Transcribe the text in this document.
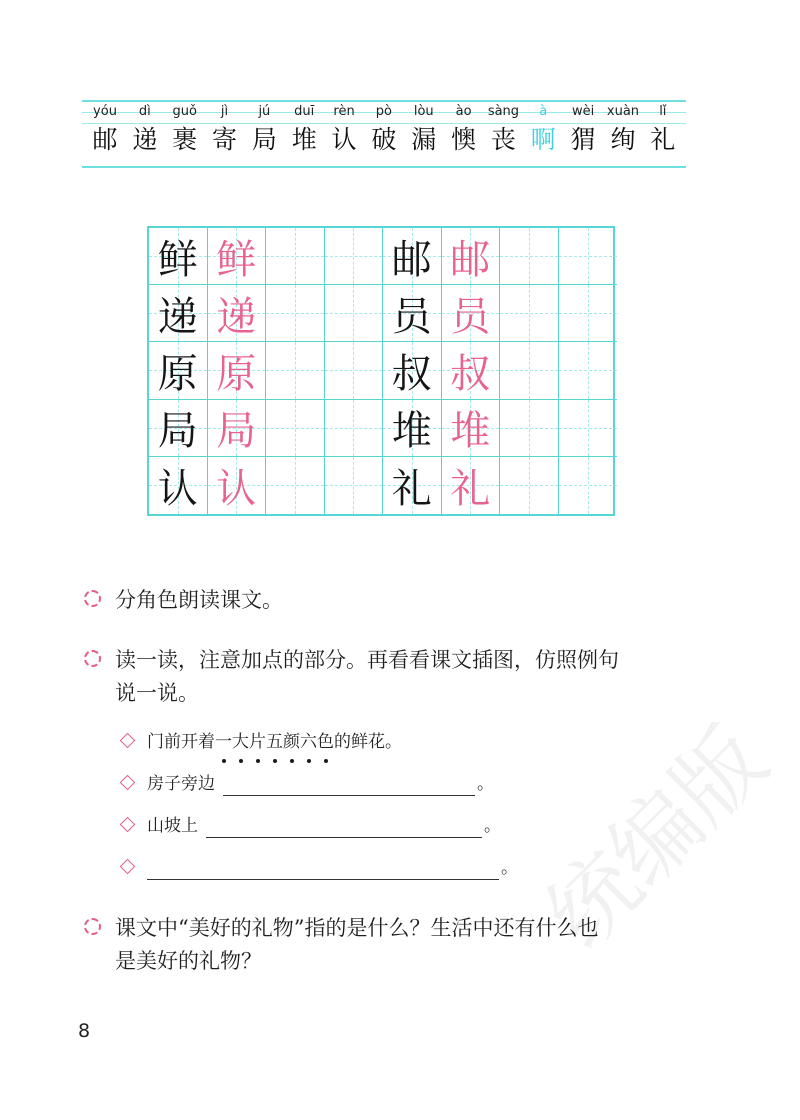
统编版
yóu
邮
dì
递
guǒ
裹
jì
寄
jú
局
duī
堆
rèn
认
pò
破
lòu
漏
ào
懊
sàng
丧
à
啊
wèi
猬
xuàn
绚
lǐ
礼
鲜 鲜	邮 邮
递 递	员 员
原 原	叔 叔
局 局	堆 堆
认 认	礼 礼
分角色朗读课文。
读一读，注意加点的部分。再看看课文插图，仿照例句
说一说。
门前开着一大片五颜六色的鲜花。
房子旁边	。
山坡上	。
。
课文中“美好的礼物”指的是什么？生活中还有什么也
是美好的礼物？
8
